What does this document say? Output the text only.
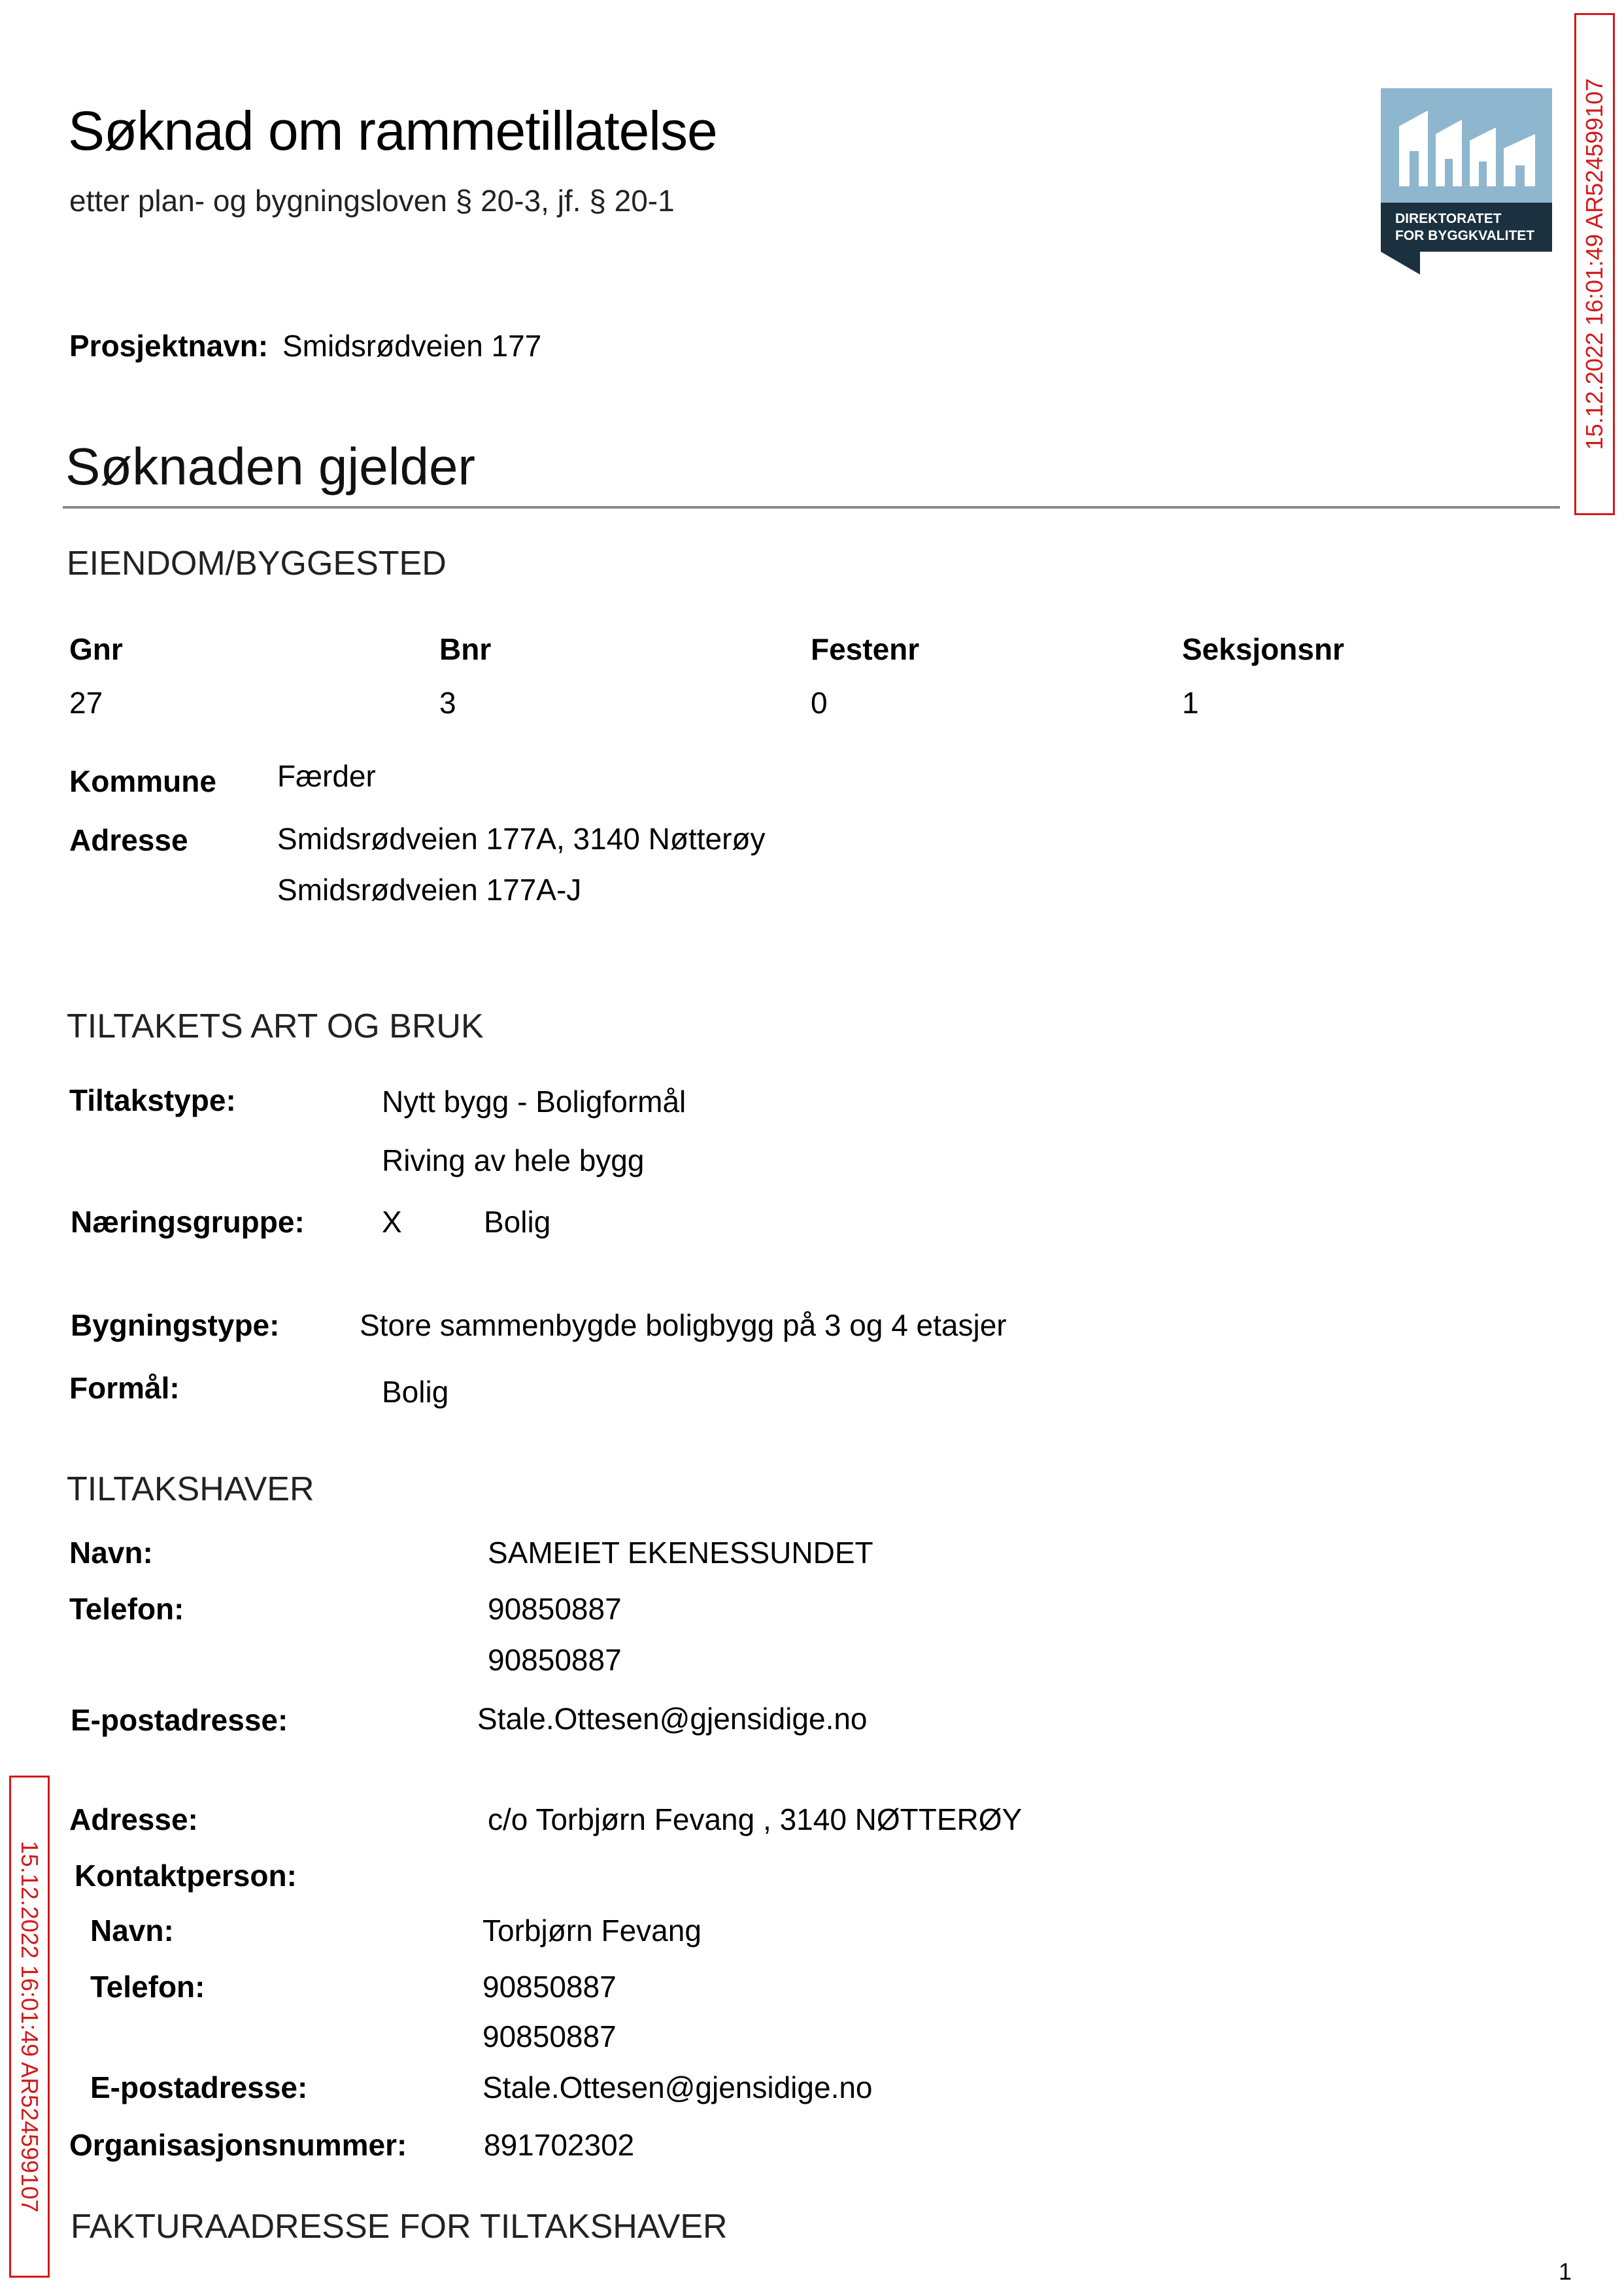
Søknad om rammetillatelse
etter plan- og bygningsloven § 20-3, jf. § 20-1
Prosjektnavn: Smidsrødveien 177
DIREKTORATET
FOR BYGGKVALITET 15.12.2022 16:01:49 AR524599107
Søknaden gjelder
EIENDOM/BYGGESTED
Gnr	Bnr	Festenr	Seksjonsnr
27	3	0	1
Kommune Færder
Adresse	Smidsrødveien 177A, 3140 Nøtterøy
Smidsrødveien 177A-J
TILTAKETS ART OG BRUK
Tiltakstype:	Nytt bygg - Boligformål
Riving av hele bygg
Næringsgruppe:	X	Bolig
Bygningstype:	Store sammenbygde boligbygg på 3 og 4 etasjer
Formål:	Bolig
TILTAKSHAVER
Navn:	SAMEIET EKENESSUNDET
Telefon:	90850887
90850887
E-postadresse:	Stale.Ottesen@gjensidige.no
Adresse:	c/o Torbjørn Fevang , 3140 NØTTERØY
Kontaktperson:
Navn:	Torbjørn Fevang
Telefon:	90850887
90850887
E-postadresse:	Stale.Ottesen@gjensidige.no
Organisasjonsnummer:	891702302
FAKTURAADRESSE FOR TILTAKSHAVER
15.12.2022 16:01:49 AR524599107
1
